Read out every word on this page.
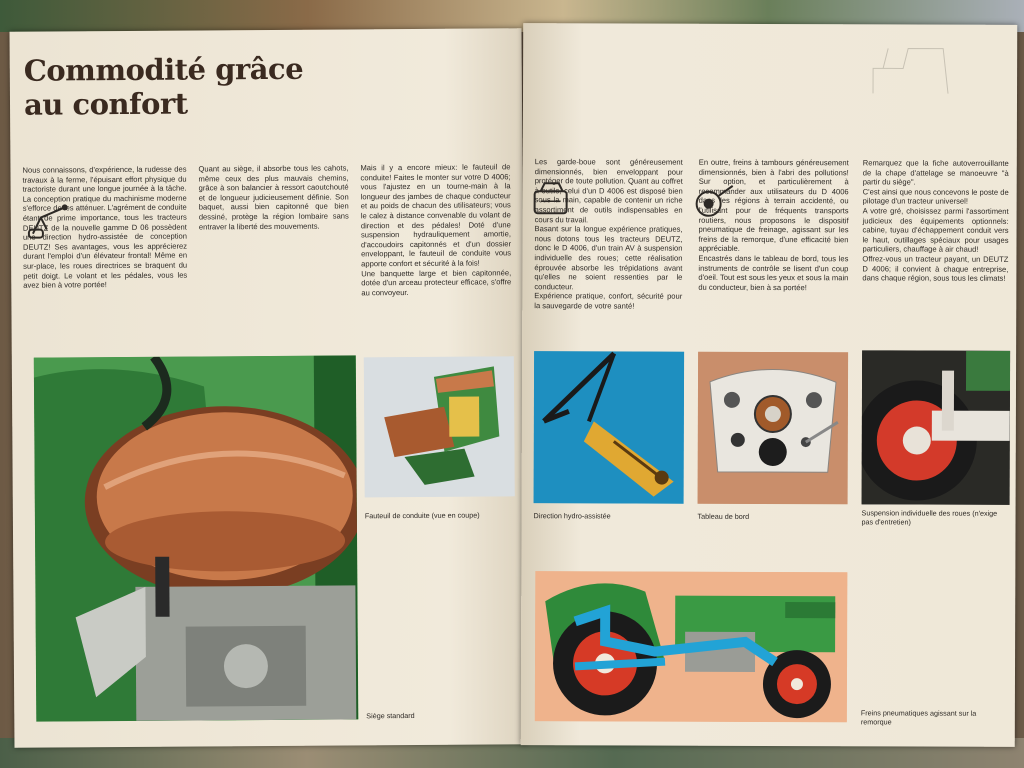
Commodité grâce
au confort

Nous connaissons, d'expérience, la rudesse des travaux à la ferme, l'épuisant effort physique du tractoriste durant une longue journée à la tâche. La conception pratique du machinisme moderne s'efforce de les atténuer. L'agrément de conduite étant de prime importance, tous les tracteurs DEUTZ de la nouvelle gamme D 06 possèdent une direction hydro-assistée de conception DEUTZ! Ses avantages, vous les apprécierez durant l'emploi d'un élévateur frontal! Même en sur-place, les roues directrices se braquent du petit doigt. Le volant et les pédales, vous les avez bien à votre portée!

Quant au siège, il absorbe tous les cahots, même ceux des plus mauvais chemins, grâce à son balancier à ressort caoutchouté et de longueur judicieusement définie. Son baquet, aussi bien capitonné que bien dessiné, protège la région lombaire sans entraver la liberté des mouvements.

Mais il y a encore mieux: le fauteuil de conduite! Faites le monter sur votre D 4006; vous l'ajustez en un tourne-main à la longueur des jambes de chaque conducteur et au poids de chacun des utilisateurs; vous le calez à distance convenable du volant de direction et des pédales! Doté d'une suspension hydrauliquement amortie, d'accoudoirs capitonnés et d'un dossier enveloppant, le fauteuil de conduite vous apporte confort et sécurité à la fois!
Une banquette large et bien capitonnée, dotée d'un arceau protecteur efficace, s'offre au convoyeur.

Siège standard

Fauteuil de conduite (vue en coupe)

Les garde-boue sont généreusement dimensionnés, bien enveloppant pour protéger de toute pollution. Quant au coffret à outils, celui d'un D 4006 est disposé bien sous la main, capable de contenir un riche assortiment de outils indispensables en cours du travail.
Basant sur la longue expérience pratiques, nous dotons tous les tracteurs DEUTZ, donc le D 4006, d'un train AV à suspension individuelle des roues; cette réalisation éprouvée absorbe les trépidations avant qu'elles ne soient ressenties par le conducteur.
Expérience pratique, confort, sécurité pour la sauvegarde de votre santé!

En outre, freins à tambours généreusement dimensionnés, bien à l'abri des pollutions! Sur option, et particulièrement à recommander aux utilisateurs du D 4006 dans les régions à terrain accidenté, ou l'utilisant pour de fréquents transports routiers, nous proposons le dispositif pneumatique de freinage, agissant sur les freins de la remorque, d'une efficacité bien appréciable.
Encastrés dans le tableau de bord, tous les instruments de contrôle se lisent d'un coup d'oeil. Tout est sous les yeux et sous la main du conducteur, bien à sa portée!

Remarquez que la fiche autoverrouillante de la chape d'attelage se manoeuvre "à partir du siège".
C'est ainsi que nous concevons le poste de pilotage d'un tracteur universel!
A votre gré, choisissez parmi l'assortiment judicieux des équipements optionnels: cabine, tuyau d'échappement conduit vers le haut, outillages spéciaux pour usages particuliers, chauffage à air chaud!
Offrez-vous un tracteur payant, un DEUTZ D 4006; il convient à chaque entreprise, dans chaque région, sous tous les climats!

Direction hydro-assistée	Tableau de bord	Suspension individuelle des roues (n'exige pas d'entretien)

Freins pneumatiques agissant sur la remorque
